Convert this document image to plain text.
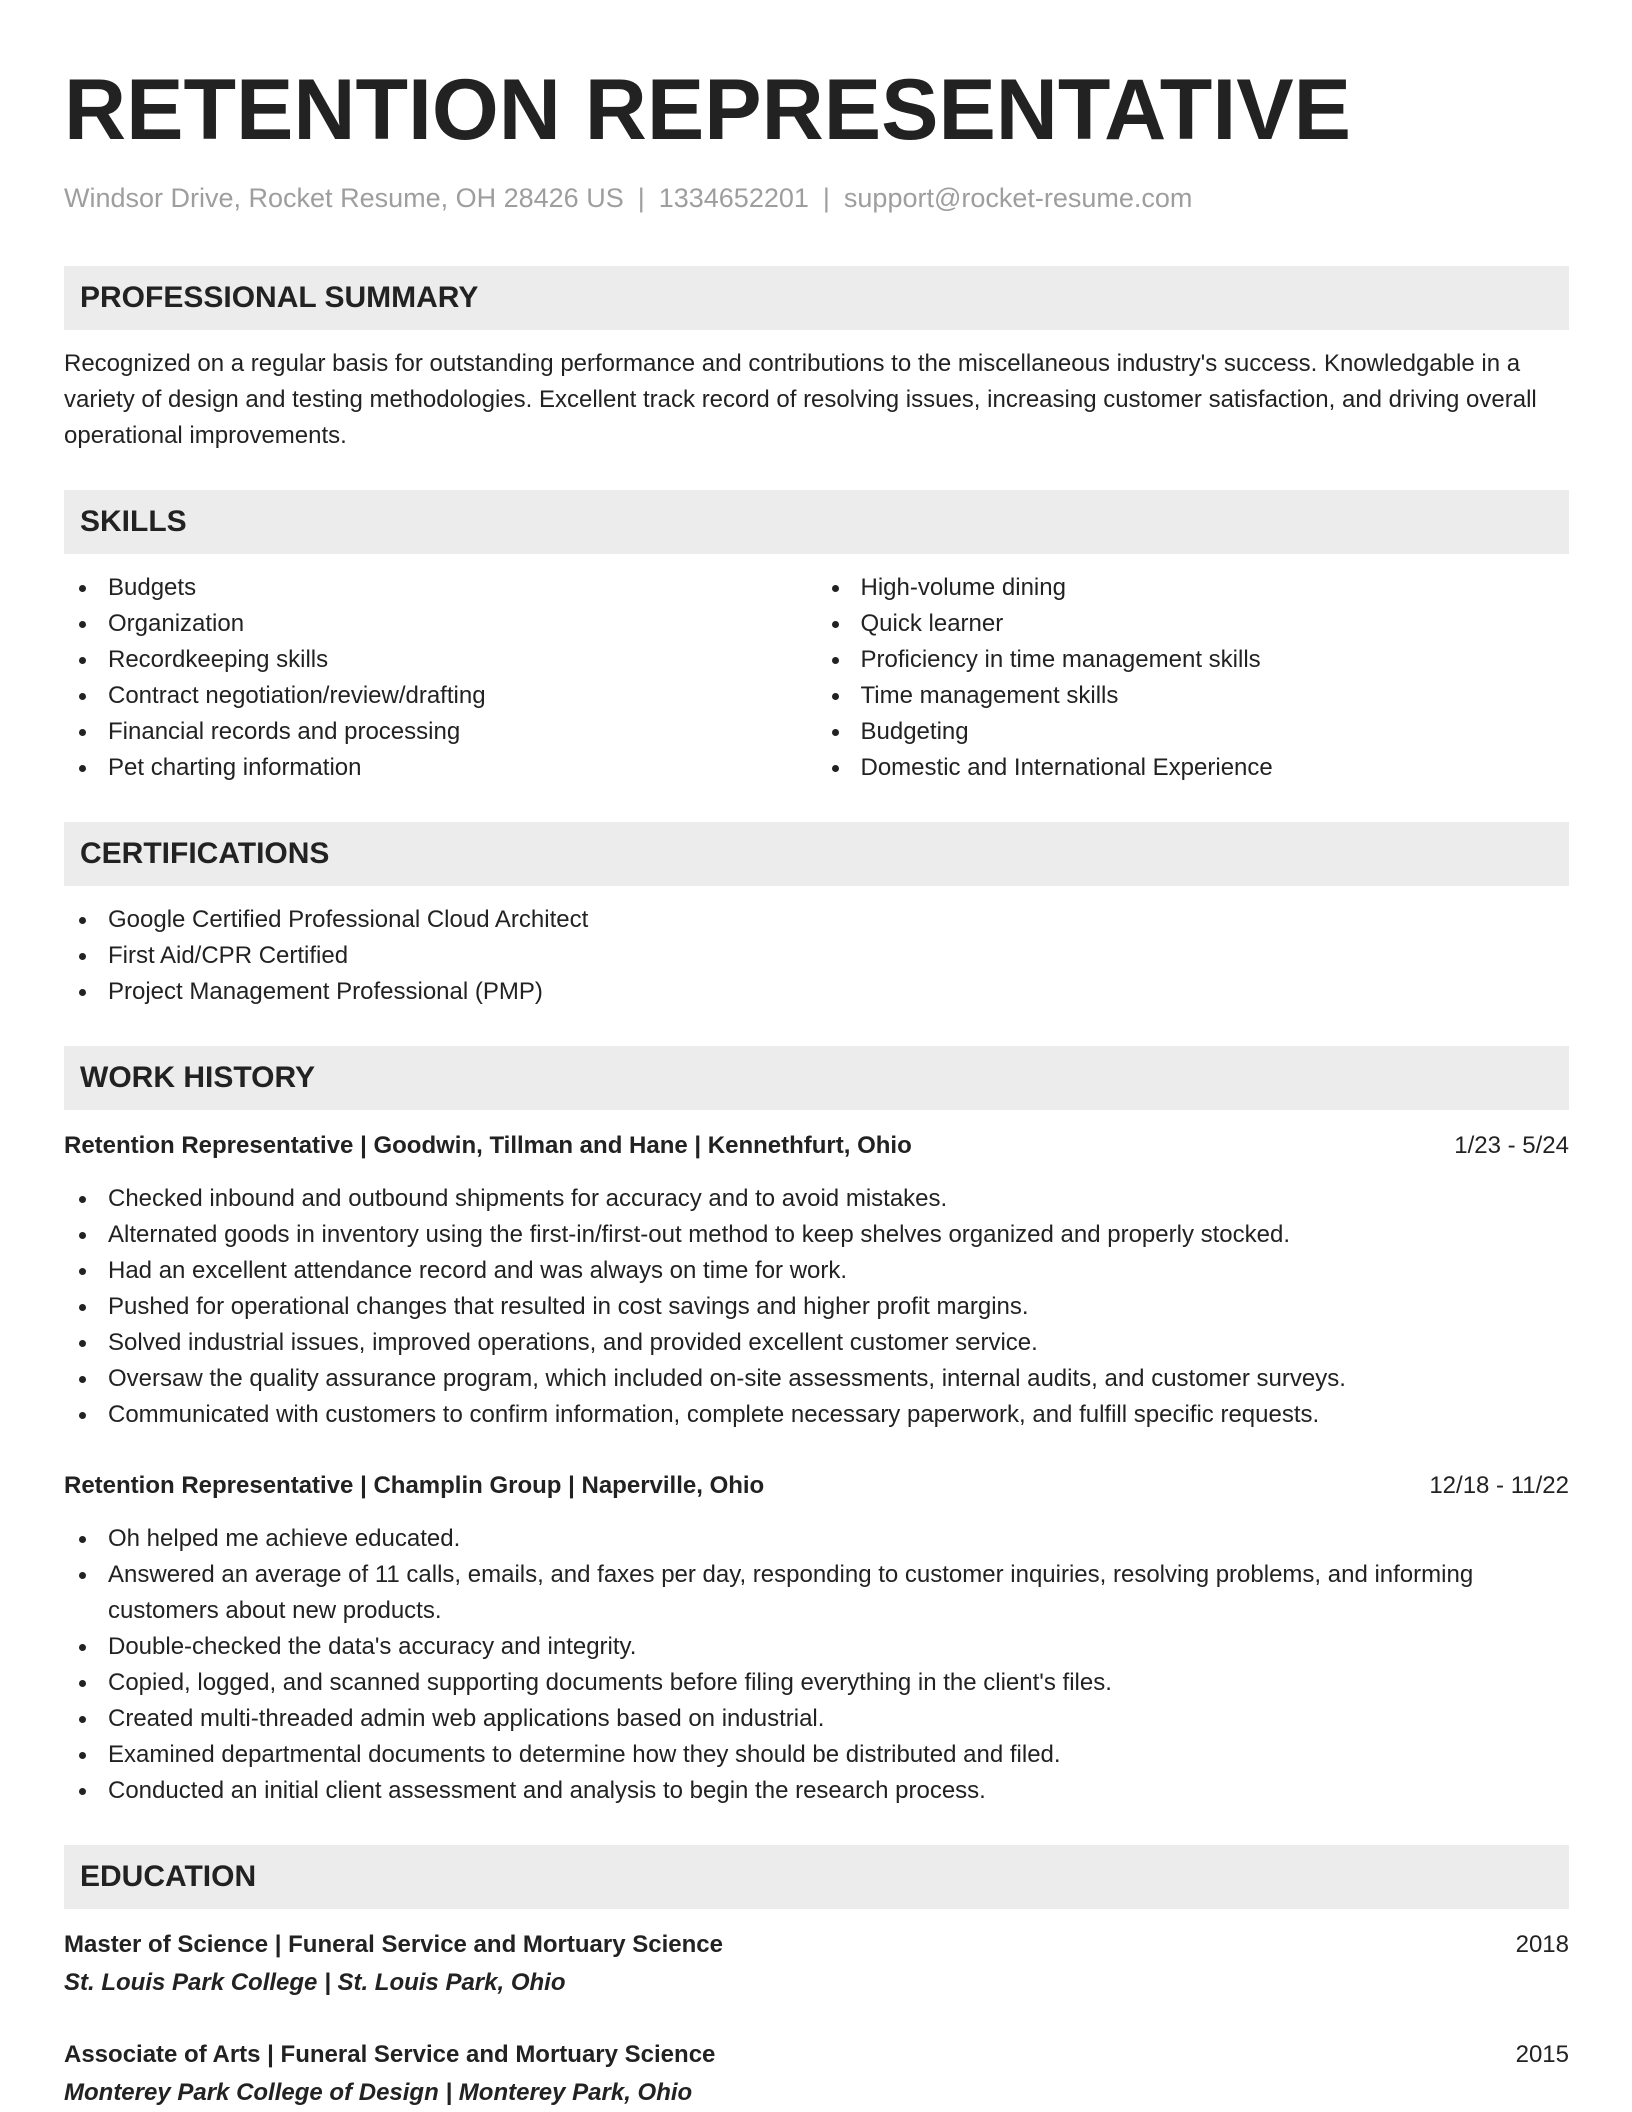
RETENTION REPRESENTATIVE
Windsor Drive, Rocket Resume, OH 28426 US | 1334652201 | support@rocket-resume.com
PROFESSIONAL SUMMARY
Recognized on a regular basis for outstanding performance and contributions to the miscellaneous industry's success. Knowledgable in a variety of design and testing methodologies. Excellent track record of resolving issues, increasing customer satisfaction, and driving overall operational improvements.
SKILLS
Budgets
Organization
Recordkeeping skills
Contract negotiation/review/drafting
Financial records and processing
Pet charting information
High-volume dining
Quick learner
Proficiency in time management skills
Time management skills
Budgeting
Domestic and International Experience
CERTIFICATIONS
Google Certified Professional Cloud Architect
First Aid/CPR Certified
Project Management Professional (PMP)
WORK HISTORY
Retention Representative | Goodwin, Tillman and Hane | Kennethfurt, Ohio	1/23 - 5/24
Checked inbound and outbound shipments for accuracy and to avoid mistakes.
Alternated goods in inventory using the first-in/first-out method to keep shelves organized and properly stocked.
Had an excellent attendance record and was always on time for work.
Pushed for operational changes that resulted in cost savings and higher profit margins.
Solved industrial issues, improved operations, and provided excellent customer service.
Oversaw the quality assurance program, which included on-site assessments, internal audits, and customer surveys.
Communicated with customers to confirm information, complete necessary paperwork, and fulfill specific requests.
Retention Representative | Champlin Group | Naperville, Ohio	12/18 - 11/22
Oh helped me achieve educated.
Answered an average of 11 calls, emails, and faxes per day, responding to customer inquiries, resolving problems, and informing customers about new products.
Double-checked the data's accuracy and integrity.
Copied, logged, and scanned supporting documents before filing everything in the client's files.
Created multi-threaded admin web applications based on industrial.
Examined departmental documents to determine how they should be distributed and filed.
Conducted an initial client assessment and analysis to begin the research process.
EDUCATION
Master of Science | Funeral Service and Mortuary Science	2018
St. Louis Park College | St. Louis Park, Ohio
Associate of Arts | Funeral Service and Mortuary Science	2015
Monterey Park College of Design | Monterey Park, Ohio
